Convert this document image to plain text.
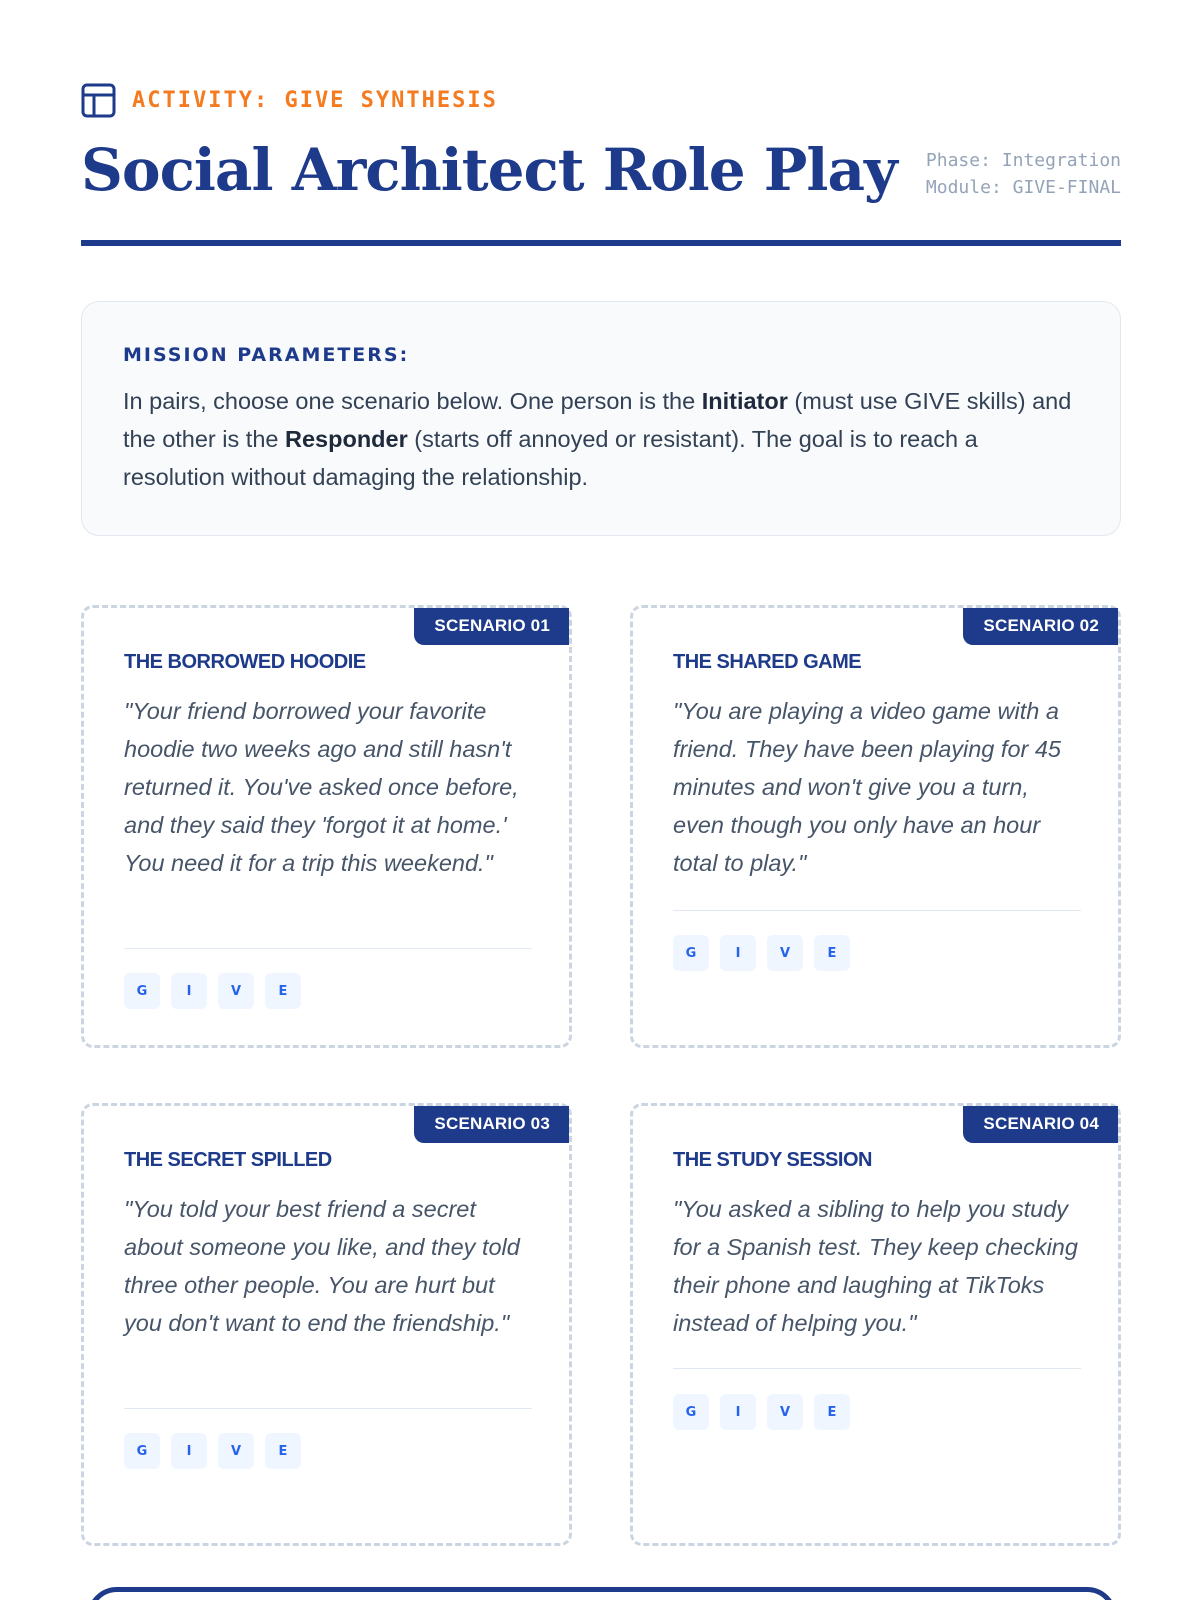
ACTIVITY: GIVE SYNTHESIS
Social Architect Role Play Phase: Integration
Module: GIVE-FINAL
MISSION PARAMETERS:
In pairs, choose one scenario below. One person is the Initiator (must use GIVE skills) and the other is the Responder (starts off annoyed or resistant). The goal is to reach a resolution without damaging the relationship.
SCENARIO 01
THE BORROWED HOODIE
"Your friend borrowed your favorite hoodie two weeks ago and still hasn't returned it. You've asked once before, and they said they 'forgot it at home.' You need it for a trip this weekend."
G	I	V	E
SCENARIO 02
THE SHARED GAME
"You are playing a video game with a friend. They have been playing for 45 minutes and won't give you a turn, even though you only have an hour total to play."
G	I	V	E
SCENARIO 03
THE SECRET SPILLED
"You told your best friend a secret about someone you like, and they told three other people. You are hurt but you don't want to end the friendship."
G	I	V	E
SCENARIO 04
THE STUDY SESSION
"You asked a sibling to help you study for a Spanish test. They keep checking their phone and laughing at TikToks instead of helping you."
G	I	V	E
